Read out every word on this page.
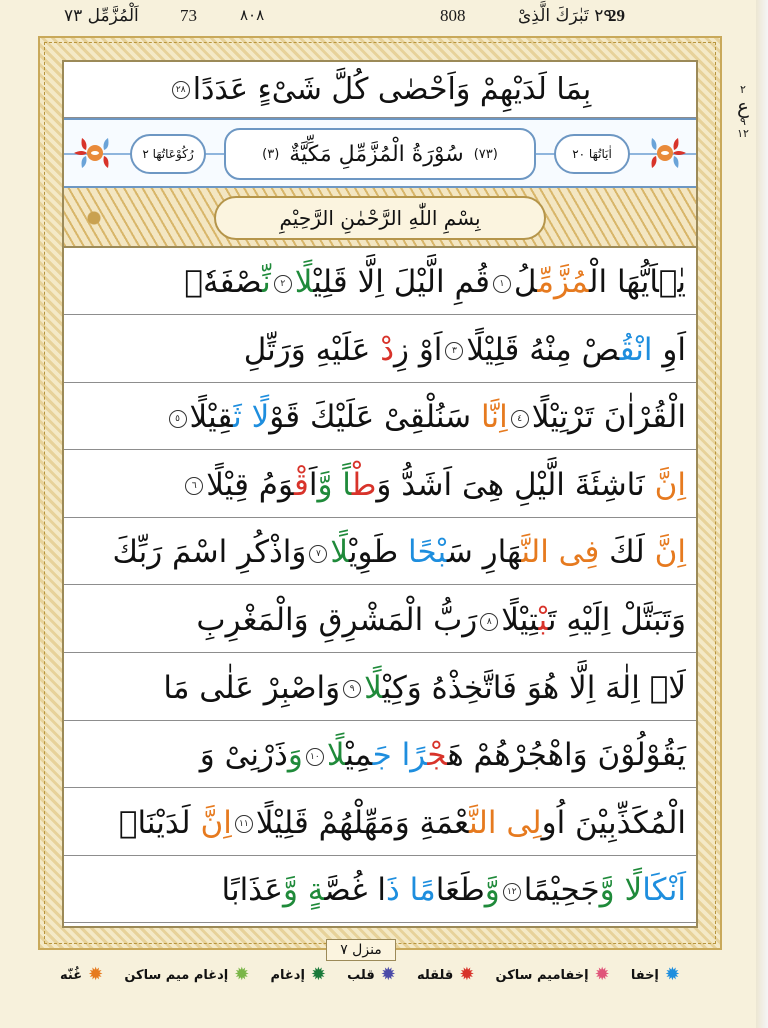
اَلْمُزَّمِّل ٧٣ 73	٨٠٨	808	٢٩ تَبٰرَكَ الَّذِىْ
29
٢
ع
٩
١٢
بِمَا لَدَيْهِمْ وَاَحْصٰى كُلَّ شَىْءٍ عَدَدًا
٢٨
رُكُوْعَاتُهَا ٢	(٧٣)
سُوْرَةُ الْمُزَّمِّلِ مَكِّيَّةٌ
(٣)	اٰيَاتُهَا ٢٠
بِسْمِ اللّٰهِ الرَّحْمٰنِ الرَّحِيْمِ
يٰۤاَيُّهَا الْمُزَّمِّلُ١قُمِ الَّيْلَ اِلَّا قَلِيْلًا٢نِّصْفَهٗۤ
اَوِ انْقُصْ مِنْهُ قَلِيْلًا٣اَوْ زِدْ عَلَيْهِ وَرَتِّلِ
الْقُرْاٰنَ تَرْتِيْلًا٤اِنَّا سَنُلْقِىْ عَلَيْكَ قَوْلًا ثَقِيْلًا٥
اِنَّ نَاشِئَةَ الَّيْلِ هِىَ اَشَدُّ وَطْاً وَّاَقْوَمُ قِيْلًا٦
اِنَّ لَكَ فِى النَّهَارِ سَبْحًا طَوِيْلًا٧وَاذْكُرِ اسْمَ رَبِّكَ
وَتَبَتَّلْ اِلَيْهِ تَبْتِيْلًا٨رَبُّ الْمَشْرِقِ وَالْمَغْرِبِ
لَاۤ اِلٰهَ اِلَّا هُوَ فَاتَّخِذْهُ وَكِيْلًا٩وَاصْبِرْ عَلٰى مَا
يَقُوْلُوْنَ وَاهْجُرْهُمْ هَجْرًا جَمِيْلًا١٠وَذَرْنِىْ وَ
الْمُكَذِّبِيْنَ اُولِى النَّعْمَةِ وَمَهِّلْهُمْ قَلِيْلًا١١اِنَّ لَدَيْنَاۤ
اَنْكَالًا وَّجَحِيْمًا١٢وَّطَعَامًا ذَا غُصَّةٍ وَّعَذَابًا
منزل ٧
✹
إخفا
✹
إخفاميم ساكن
✹
قلقله
✹
قلب
✹
إدغام
✹
إدغام ميم ساكن
✹
غُنّه
